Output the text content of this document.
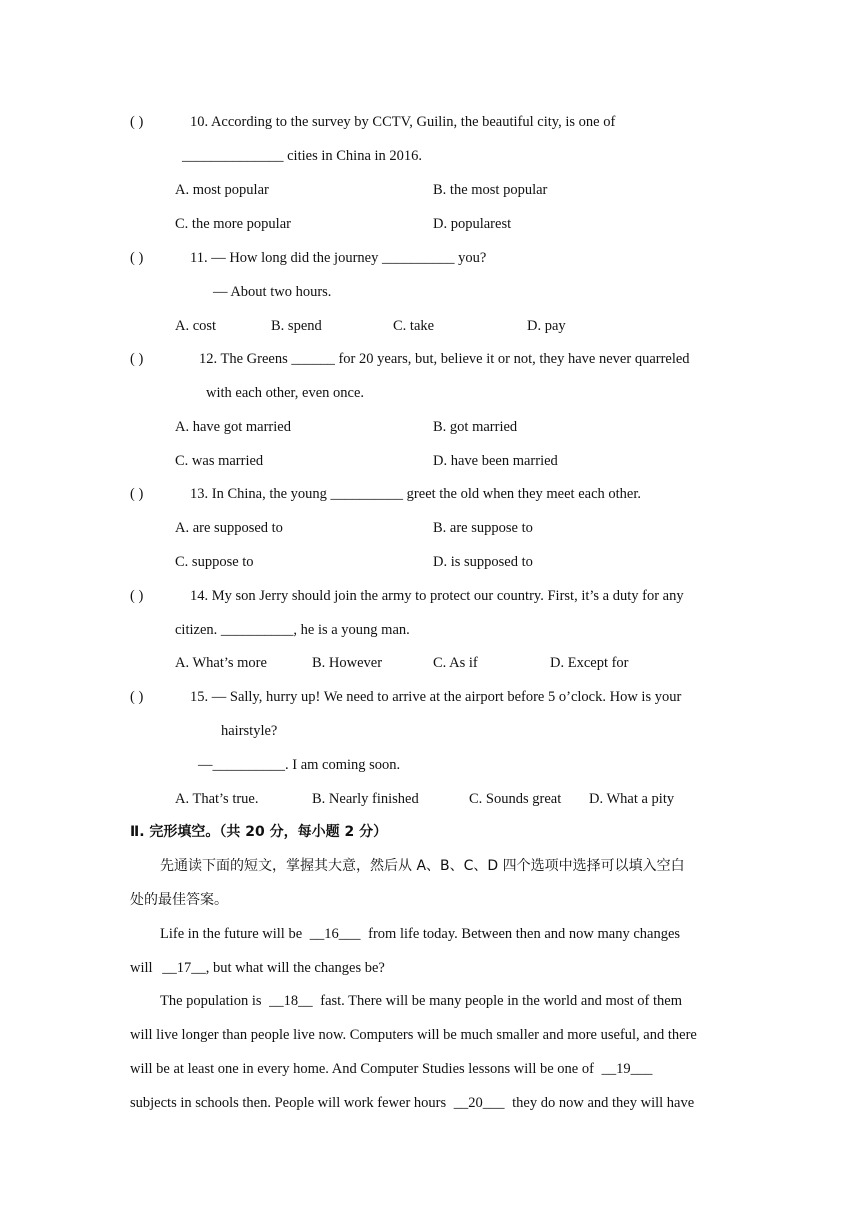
( )	10. According to the survey by CCTV, Guilin, the beautiful city, is one of
______________ cities in China in 2016.
A. most popular	B. the most popular
C. the more popular	D. popularest
( )	11. — How long did the journey __________ you?
— About two hours.
A. cost	B. spend	C. take	D. pay
( )	12. The Greens ______ for 20 years, but, believe it or not, they have never quarreled
with each other, even once.
A. have got married	B. got married
C. was married	D. have been married
( )	13. In China, the young __________ greet the old when they meet each other.
A. are supposed to	B. are suppose to
C. suppose to	D. is supposed to
( )	14. My son Jerry should join the army to protect our country. First, it’s a duty for any
citizen. __________, he is a young man.
A. What’s more	B. However	C. As if	D. Except for
( )	15. — Sally, hurry up! We need to arrive at the airport before 5 o’clock. How is your
hairstyle?
—__________. I am coming soon.
A. That’s true.	B. Nearly finished	C. Sounds great D. What a pity
Ⅱ. 完形填空。（共 20 分，每小题 2 分）
先通读下面的短文，掌握其大意，然后从 A、B、C、D 四个选项中选择可以填入空白
处的最佳答案。
Life in the future will be __16___ from life today. Between then and now many changes
will __17__, but what will the changes be?
The population is __18__ fast. There will be many people in the world and most of them
will live longer than people live now. Computers will be much smaller and more useful, and there
will be at least one in every home. And Computer Studies lessons will be one of __19___
subjects in schools then. People will work fewer hours __20___ they do now and they will have
